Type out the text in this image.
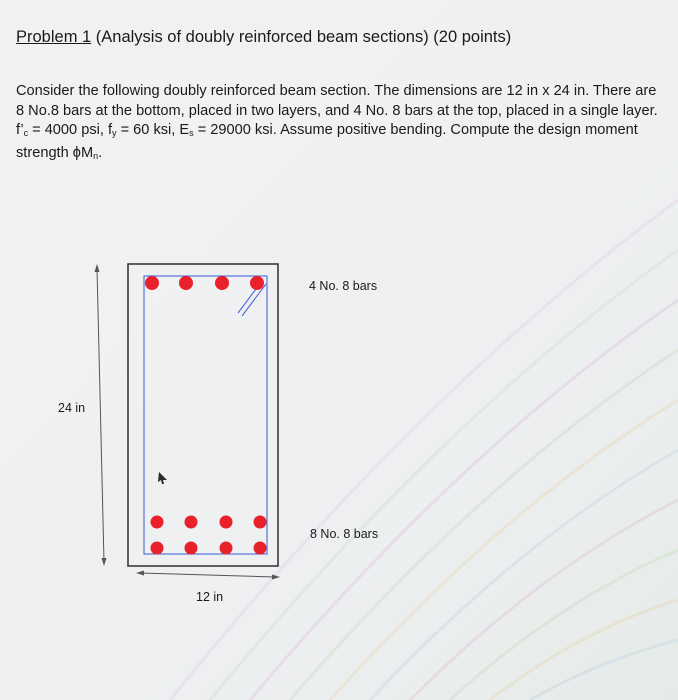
Problem 1 (Analysis of doubly reinforced beam sections) (20 points)
Consider the following doubly reinforced beam section. The dimensions are 12 in x 24 in. There are 8 No.8 bars at the bottom, placed in two layers, and 4 No. 8 bars at the top, placed in a single layer. $f’_c = 4000$ psi, $f_y = 60$ ksi, $E_s = 29000$ ksi. Assume positive bending. Compute the design moment strength $\phi M_n$.
4 No. 8 bars
8 No. 8 bars
24 in
12 in
